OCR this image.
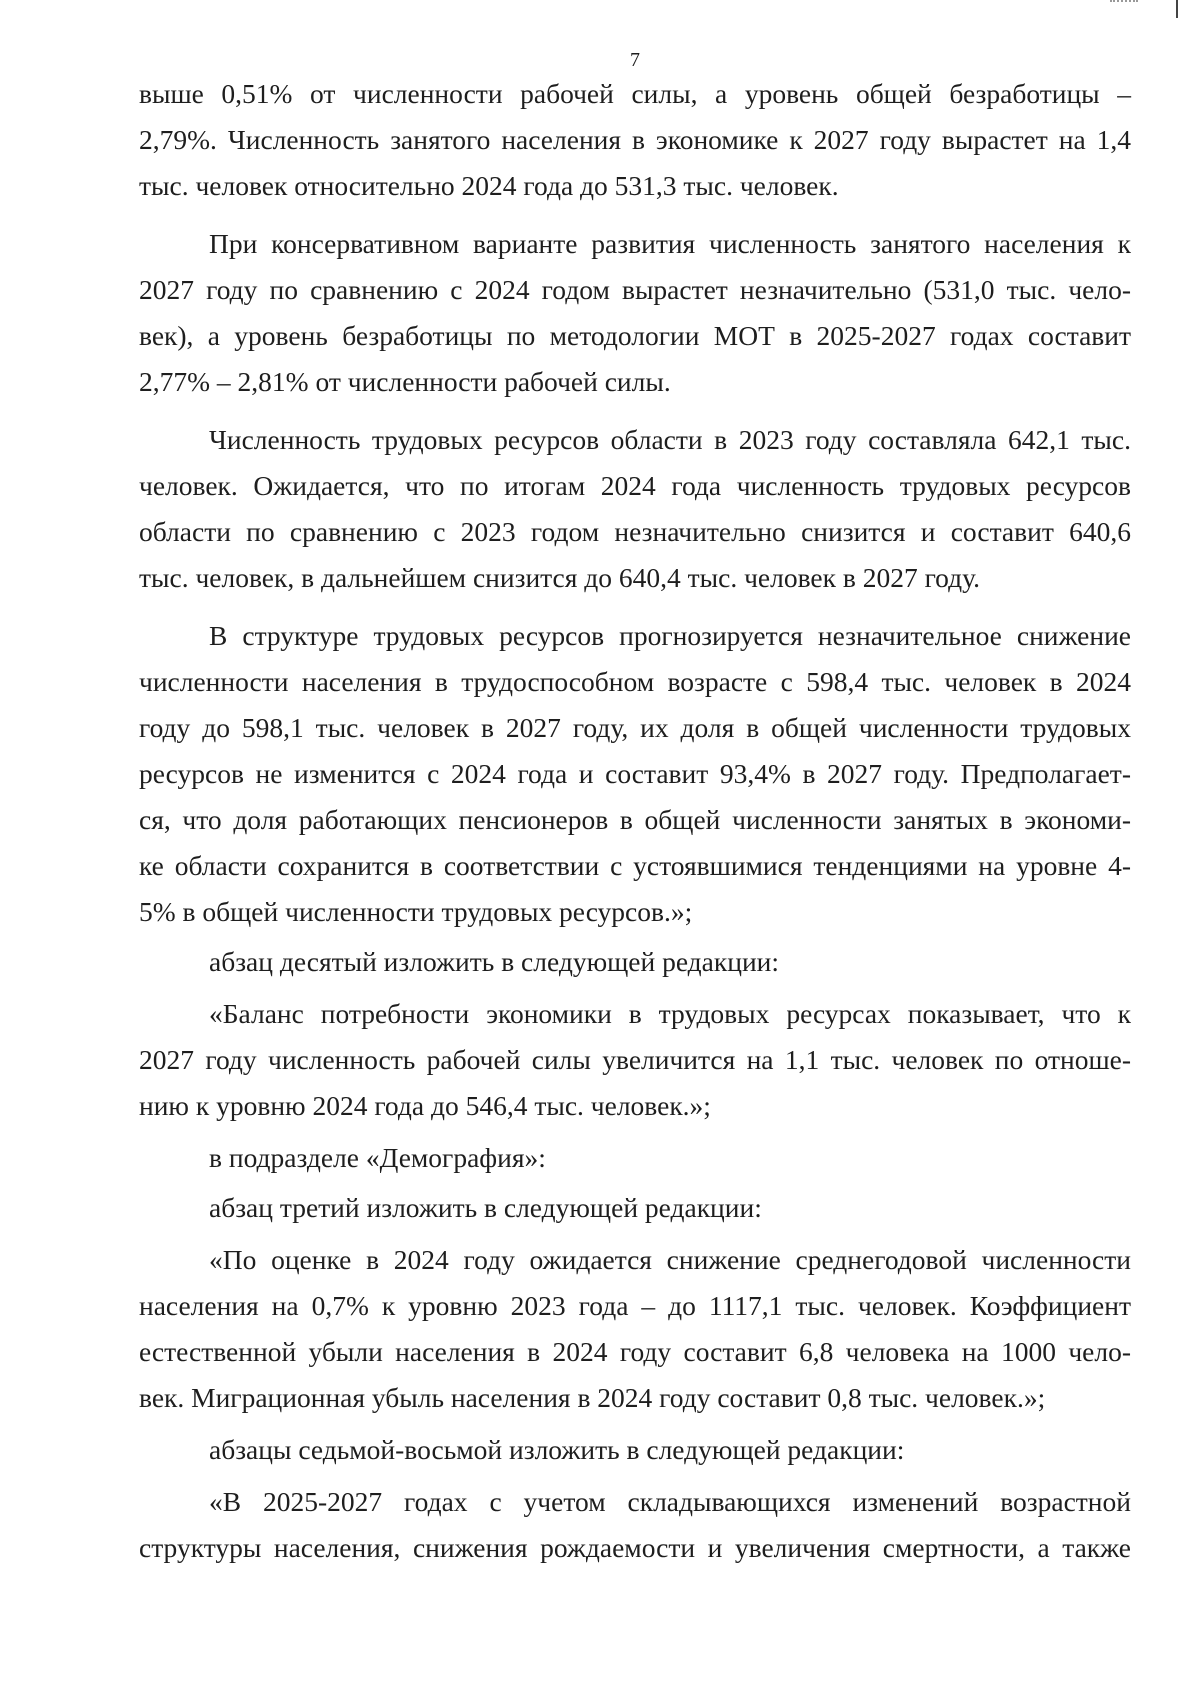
7
выше 0,51% от численности рабочей силы, а уровень общей безработицы –
2,79%. Численность занятого населения в экономике к 2027 году вырастет на 1,4
тыс. человек относительно 2024 года до 531,3 тыс. человек.
При консервативном варианте развития численность занятого населения к
2027 году по сравнению с 2024 годом вырастет незначительно (531,0 тыс. чело-
век), а уровень безработицы по методологии МОТ в 2025-2027 годах составит
2,77% – 2,81% от численности рабочей силы.
Численность трудовых ресурсов области в 2023 году составляла 642,1 тыс.
человек. Ожидается, что по итогам 2024 года численность трудовых ресурсов
области по сравнению с 2023 годом незначительно снизится и составит 640,6
тыс. человек, в дальнейшем снизится до 640,4 тыс. человек в 2027 году.
В структуре трудовых ресурсов прогнозируется незначительное снижение
численности населения в трудоспособном возрасте с 598,4 тыс. человек в 2024
году до 598,1 тыс. человек в 2027 году, их доля в общей численности трудовых
ресурсов не изменится с 2024 года и составит 93,4% в 2027 году. Предполагает-
ся, что доля работающих пенсионеров в общей численности занятых в экономи-
ке области сохранится в соответствии с устоявшимися тенденциями на уровне 4-
5% в общей численности трудовых ресурсов.»;
абзац десятый изложить в следующей редакции:
«Баланс потребности экономики в трудовых ресурсах показывает, что к
2027 году численность рабочей силы увеличится на 1,1 тыс. человек по отноше-
нию к уровню 2024 года до 546,4 тыс. человек.»;
в подразделе «Демография»:
абзац третий изложить в следующей редакции:
«По оценке в 2024 году ожидается снижение среднегодовой численности
населения на 0,7% к уровню 2023 года – до 1117,1 тыс. человек. Коэффициент
естественной убыли населения в 2024 году составит 6,8 человека на 1000 чело-
век. Миграционная убыль населения в 2024 году составит 0,8 тыс. человек.»;
абзацы седьмой-восьмой изложить в следующей редакции:
«В 2025-2027 годах с учетом складывающихся изменений возрастной
структуры населения, снижения рождаемости и увеличения смертности, а также
